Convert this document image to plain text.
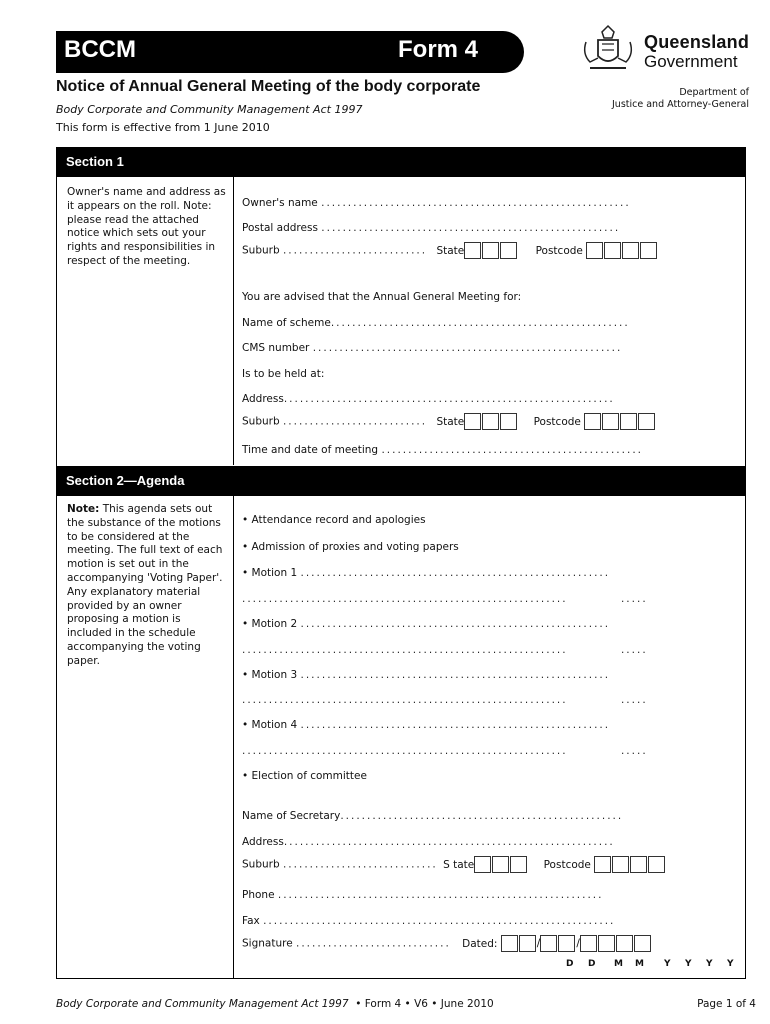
BCCM	Form 4
Notice of Annual General Meeting of the body corporate
Body Corporate and Community Management Act 1997
This form is effective from 1 June 2010
Queensland
Government
Department of
Justice and Attorney-General
Section 1
Owner's name and address as it appears on the roll. Note: please read the attached notice which sets out your rights and responsibilities in respect of the meeting.
Owner's name ..........................................................
Postal address ........................................................
Suburb ........................... State	Postcode
You are advised that the Annual General Meeting for:
Name of scheme........................................................
CMS number ..........................................................
Is to be held at:
Address..............................................................
Suburb ........................... State	Postcode
Time and date of meeting .................................................
Section 2—Agenda
Note: This agenda sets out the substance of the motions to be considered at the meeting. The full text of each motion is set out in the accompanying 'Voting Paper'. Any explanatory material provided by an owner proposing a motion is included in the schedule accompanying the voting paper.
• Attendance record and apologies
• Admission of proxies and voting papers
• Motion 1 ..........................................................
.............................................................          .....
• Motion 2 ..........................................................
.............................................................          .....
• Motion 3 ..........................................................
.............................................................          .....
• Motion 4 ..........................................................
.............................................................          .....
• Election of committee
Name of Secretary.....................................................
Address..............................................................
Suburb ............................. S tate	Postcode
Phone .............................................................
Fax ..................................................................
Signature ............................. Dated:	/	/
D D M M Y Y Y Y
Body Corporate and Community Management Act 1997 • Form 4 • V6 • June 2010	Page 1 of 4
